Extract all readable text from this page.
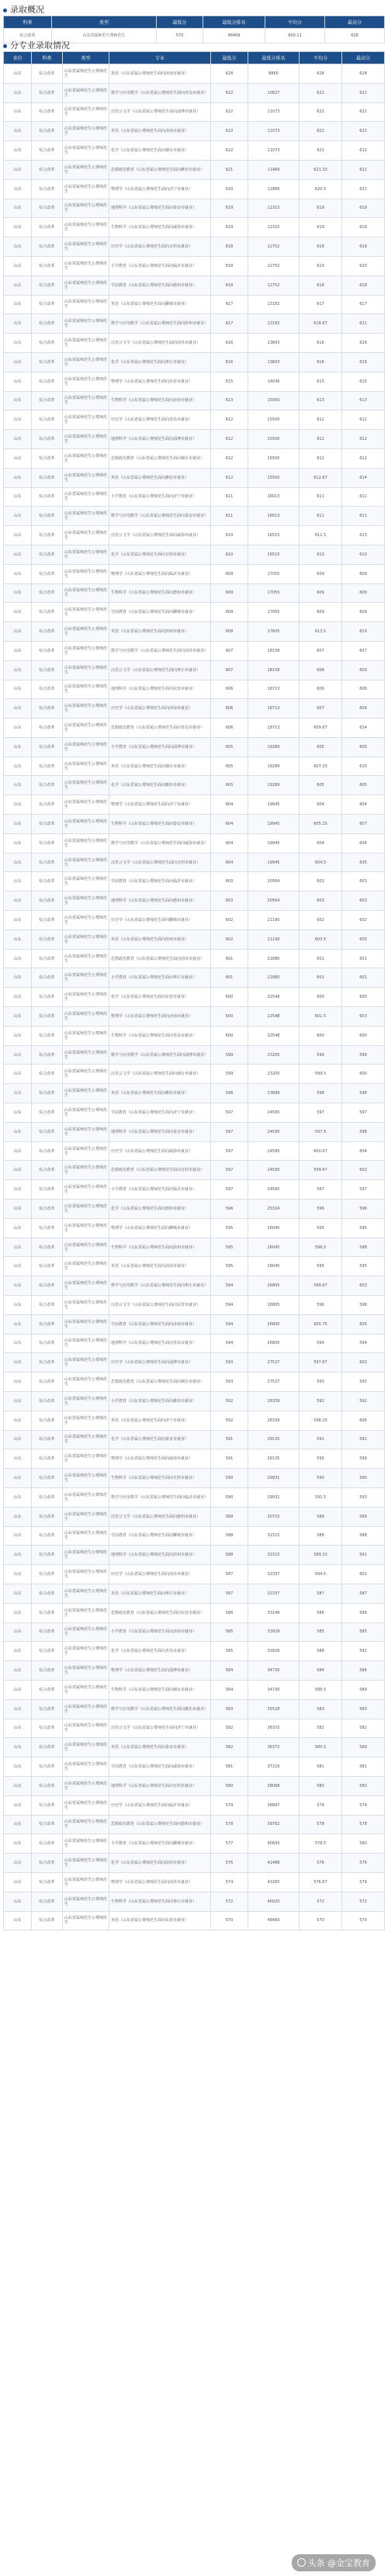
录取概况
科类	类型	最低分	最低分排名	平均分	最高分
综合改革	山东省属师范生费师范生	570	48469	600.11	628
分专业录取情况
省份	科类	类型	专业	最低分	最低分排名	平均分	最高分
山东	综合改革	山东省属师范生公费师范生	英语（山东省属公费师范生面向济南市就业）	628	8860	628	628
山东	综合改革	山东省属师范生公费师范生	数学与应用数学（山东省属公费师范生面向青岛市就业）	622	10827	622	622
山东	综合改革	山东省属师范生公费师范生	汉语言文学（山东省属公费师范生面向淄博市就业）	622	11073	622	622
山东	综合改革	山东省属师范生公费师范生	英语（山东省属公费师范生面向济南市就业）	622	11073	622	622
山东	综合改革	山东省属师范生公费师范生	化学（山东省属公费师范生面向烟台市就业）	622	11073	622	622
山东	综合改革	山东省属师范生公费师范生	思想政治教育（山东省属公费师范生面向潍坊市就业）	621	11469	621.33	622
山东	综合改革	山东省属师范生公费师范生	物理学（山东省属公费师范生面向济宁市就业）	620	11866	620.5	621
山东	综合改革	山东省属师范生公费师范生	地理科学（山东省属公费师范生面向泰安市就业）	619	12315	619	619
山东	综合改革	山东省属师范生公费师范生	生物科学（山东省属公费师范生面向威海市就业）	619	12315	619	619
山东	综合改革	山东省属师范生公费师范生	历史学（山东省属公费师范生面向日照市就业）	618	12752	618	618
山东	综合改革	山东省属师范生公费师范生	小学教育（山东省属公费师范生面向临沂市就业）	618	12752	619	620
山东	综合改革	山东省属师范生公费师范生	学前教育（山东省属公费师范生面向德州市就业）	618	12752	618	618
山东	综合改革	山东省属师范生公费师范生	英语（山东省属公费师范生面向聊城市就业）	617	13182	617	617
山东	综合改革	山东省属师范生公费师范生	数学与应用数学（山东省属公费师范生面向滨州市就业）	617	13182	618.67	621
山东	综合改革	山东省属师范生公费师范生	汉语言文学（山东省属公费师范生面向菏泽市就业）	616	13603	616	616
山东	综合改革	山东省属师范生公费师范生	化学（山东省属公费师范生面向枣庄市就业）	616	13603	616	616
山东	综合改革	山东省属师范生公费师范生	物理学（山东省属公费师范生面向东营市就业）	615	14036	615	615
山东	综合改革	山东省属师范生公费师范生	生物科学（山东省属公费师范生面向济南市就业）	613	15000	613	613
山东	综合改革	山东省属师范生公费师范生	历史学（山东省属公费师范生面向青岛市就业）	612	15500	612	612
山东	综合改革	山东省属师范生公费师范生	地理科学（山东省属公费师范生面向淄博市就业）	612	15500	612	612
山东	综合改革	山东省属师范生公费师范生	思想政治教育（山东省属公费师范生面向烟台市就业）	612	15500	612	612
山东	综合改革	山东省属师范生公费师范生	英语（山东省属公费师范生面向潍坊市就业）	612	15500	612.67	614
山东	综合改革	山东省属师范生公费师范生	小学教育（山东省属公费师范生面向济宁市就业）	611	16013	611	611
山东	综合改革	山东省属师范生公费师范生	数学与应用数学（山东省属公费师范生面向泰安市就业）	611	16013	611	611
山东	综合改革	山东省属师范生公费师范生	汉语言文学（山东省属公费师范生面向威海市就业）	610	16515	611.5	613
山东	综合改革	山东省属师范生公费师范生	化学（山东省属公费师范生面向日照市就业）	610	16515	610	610
山东	综合改革	山东省属师范生公费师范生	物理学（山东省属公费师范生面向临沂市就业）	609	17055	609	609
山东	综合改革	山东省属师范生公费师范生	生物科学（山东省属公费师范生面向德州市就业）	609	17055	609	609
山东	综合改革	山东省属师范生公费师范生	学前教育（山东省属公费师范生面向聊城市就业）	609	17055	609	609
山东	综合改革	山东省属师范生公费师范生	英语（山东省属公费师范生面向滨州市就业）	608	17605	613.5	619
山东	综合改革	山东省属师范生公费师范生	数学与应用数学（山东省属公费师范生面向菏泽市就业）	607	18158	607	607
山东	综合改革	山东省属师范生公费师范生	汉语言文学（山东省属公费师范生面向枣庄市就业）	607	18158	608	609
山东	综合改革	山东省属师范生公费师范生	地理科学（山东省属公费师范生面向东营市就业）	606	18713	606	606
山东	综合改革	山东省属师范生公费师范生	历史学（山东省属公费师范生面向济南市就业）	606	18713	607	608
山东	综合改革	山东省属师范生公费师范生	思想政治教育（山东省属公费师范生面向青岛市就业）	606	18713	609.67	614
山东	综合改革	山东省属师范生公费师范生	小学教育（山东省属公费师范生面向淄博市就业）	605	19289	605	605
山东	综合改革	山东省属师范生公费师范生	英语（山东省属公费师范生面向烟台市就业）	605	19289	607.33	610
山东	综合改革	山东省属师范生公费师范生	化学（山东省属公费师范生面向潍坊市就业）	605	19289	605	605
山东	综合改革	山东省属师范生公费师范生	物理学（山东省属公费师范生面向济宁市就业）	604	19945	604	604
山东	综合改革	山东省属师范生公费师范生	生物科学（山东省属公费师范生面向泰安市就业）	604	19945	605.25	607
山东	综合改革	山东省属师范生公费师范生	数学与应用数学（山东省属公费师范生面向威海市就业）	604	19945	604	604
山东	综合改革	山东省属师范生公费师范生	汉语言文学（山东省属公费师范生面向日照市就业）	604	19945	604.5	605
山东	综合改革	山东省属师范生公费师范生	学前教育（山东省属公费师范生面向临沂市就业）	603	20564	603	603
山东	综合改革	山东省属师范生公费师范生	地理科学（山东省属公费师范生面向德州市就业）	603	20564	603	603
山东	综合改革	山东省属师范生公费师范生	历史学（山东省属公费师范生面向聊城市就业）	602	21190	602	602
山东	综合改革	山东省属师范生公费师范生	英语（山东省属公费师范生面向滨州市就业）	602	21190	603.5	605
山东	综合改革	山东省属师范生公费师范生	思想政治教育（山东省属公费师范生面向菏泽市就业）	601	21880	601	601
山东	综合改革	山东省属师范生公费师范生	小学教育（山东省属公费师范生面向枣庄市就业）	601	21880	601	601
山东	综合改革	山东省属师范生公费师范生	化学（山东省属公费师范生面向东营市就业）	600	22548	600	600
山东	综合改革	山东省属师范生公费师范生	物理学（山东省属公费师范生面向济南市就业）	600	22548	601.5	603
山东	综合改革	山东省属师范生公费师范生	生物科学（山东省属公费师范生面向青岛市就业）	600	22548	600	600
山东	综合改革	山东省属师范生公费师范生	数学与应用数学（山东省属公费师范生面向淄博市就业）	599	23205	599	599
山东	综合改革	山东省属师范生公费师范生	汉语言文学（山东省属公费师范生面向烟台市就业）	599	23205	599.5	600
山东	综合改革	山东省属师范生公费师范生	英语（山东省属公费师范生面向潍坊市就业）	598	23899	598	598
山东	综合改革	山东省属师范生公费师范生	学前教育（山东省属公费师范生面向济宁市就业）	597	24595	597	597
山东	综合改革	山东省属师范生公费师范生	地理科学（山东省属公费师范生面向泰安市就业）	597	24595	597.5	598
山东	综合改革	山东省属师范生公费师范生	历史学（山东省属公费师范生面向威海市就业）	597	24595	600.67	604
山东	综合改革	山东省属师范生公费师范生	思想政治教育（山东省属公费师范生面向日照市就业）	597	24595	599.67	602
山东	综合改革	山东省属师范生公费师范生	小学教育（山东省属公费师范生面向临沂市就业）	597	24595	597	597
山东	综合改革	山东省属师范生公费师范生	化学（山东省属公费师范生面向德州市就业）	596	25324	596	596
山东	综合改革	山东省属师范生公费师范生	物理学（山东省属公费师范生面向聊城市就业）	595	26045	595	595
山东	综合改革	山东省属师范生公费师范生	生物科学（山东省属公费师范生面向滨州市就业）	595	26045	596.5	598
山东	综合改革	山东省属师范生公费师范生	英语（山东省属公费师范生面向菏泽市就业）	595	26045	595	595
山东	综合改革	山东省属师范生公费师范生	数学与应用数学（山东省属公费师范生面向枣庄市就业）	594	26805	599.67	603
山东	综合改革	山东省属师范生公费师范生	汉语言文学（山东省属公费师范生面向东营市就业）	594	26805	596	598
山东	综合改革	山东省属师范生公费师范生	学前教育（山东省属公费师范生面向济南市就业）	594	26805	600.75	605
山东	综合改革	山东省属师范生公费师范生	地理科学（山东省属公费师范生面向青岛市就业）	594	26805	594	594
山东	综合改革	山东省属师范生公费师范生	历史学（山东省属公费师范生面向淄博市就业）	593	27527	597.67	602
山东	综合改革	山东省属师范生公费师范生	思想政治教育（山东省属公费师范生面向烟台市就业）	593	27527	593	593
山东	综合改革	山东省属师范生公费师范生	小学教育（山东省属公费师范生面向潍坊市就业）	592	28339	592	592
山东	综合改革	山东省属师范生公费师范生	英语（山东省属公费师范生面向济宁市就业）	592	28339	598.25	606
山东	综合改革	山东省属师范生公费师范生	化学（山东省属公费师范生面向泰安市就业）	591	29135	591	591
山东	综合改革	山东省属师范生公费师范生	物理学（山东省属公费师范生面向威海市就业）	591	29135	595	599
山东	综合改革	山东省属师范生公费师范生	生物科学（山东省属公费师范生面向日照市就业）	590	29931	590	590
山东	综合改革	山东省属师范生公费师范生	数学与应用数学（山东省属公费师范生面向临沂市就业）	590	29931	591.5	593
山东	综合改革	山东省属师范生公费师范生	汉语言文学（山东省属公费师范生面向德州市就业）	589	30715	589	589
山东	综合改革	山东省属师范生公费师范生	学前教育（山东省属公费师范生面向聊城市就业）	588	31515	588	588
山东	综合改革	山东省属师范生公费师范生	地理科学（山东省属公费师范生面向滨州市就业）	588	31515	589.33	591
山东	综合改革	山东省属师范生公费师范生	历史学（山东省属公费师范生面向菏泽市就业）	587	32337	594.5	602
山东	综合改革	山东省属师范生公费师范生	英语（山东省属公费师范生面向枣庄市就业）	587	32337	587	587
山东	综合改革	山东省属师范生公费师范生	思想政治教育（山东省属公费师范生面向东营市就业）	586	33148	586	586
山东	综合改革	山东省属师范生公费师范生	小学教育（山东省属公费师范生面向济南市就业）	585	33929	585	585
山东	综合改革	山东省属师范生公费师范生	化学（山东省属公费师范生面向青岛市就业）	585	33929	588	591
山东	综合改革	山东省属师范生公费师范生	物理学（山东省属公费师范生面向淄博市就业）	584	34730	584	584
山东	综合改革	山东省属师范生公费师范生	生物科学（山东省属公费师范生面向烟台市就业）	584	34730	586.5	589
山东	综合改革	山东省属师范生公费师范生	数学与应用数学（山东省属公费师范生面向潍坊市就业）	583	35528	583	583
山东	综合改革	山东省属师范生公费师范生	汉语言文学（山东省属公费师范生面向济宁市就业）	582	36372	582	582
山东	综合改革	山东省属师范生公费师范生	英语（山东省属公费师范生面向泰安市就业）	582	36372	585.5	589
山东	综合改革	山东省属师范生公费师范生	学前教育（山东省属公费师范生面向威海市就业）	581	37216	581	581
山东	综合改革	山东省属师范生公费师范生	地理科学（山东省属公费师范生面向日照市就业）	580	38068	580	580
山东	综合改革	山东省属师范生公费师范生	历史学（山东省属公费师范生面向临沂市就业）	579	38897	579	579
山东	综合改革	山东省属师范生公费师范生	思想政治教育（山东省属公费师范生面向德州市就业）	578	39762	578	578
山东	综合改革	山东省属师范生公费师范生	小学教育（山东省属公费师范生面向聊城市就业）	577	40643	578.5	580
山东	综合改革	山东省属师范生公费师范生	化学（山东省属公费师范生面向滨州市就业）	576	41488	576	576
山东	综合改革	山东省属师范生公费师范生	物理学（山东省属公费师范生面向菏泽市就业）	574	43265	576.67	579
山东	综合改革	山东省属师范生公费师范生	生物科学（山东省属公费师范生面向枣庄市就业）	572	46020	572	572
山东	综合改革	山东省属师范生公费师范生	英语（山东省属公费师范生面向东营市就业）	570	48469	570	570
头条 @金宝教育
